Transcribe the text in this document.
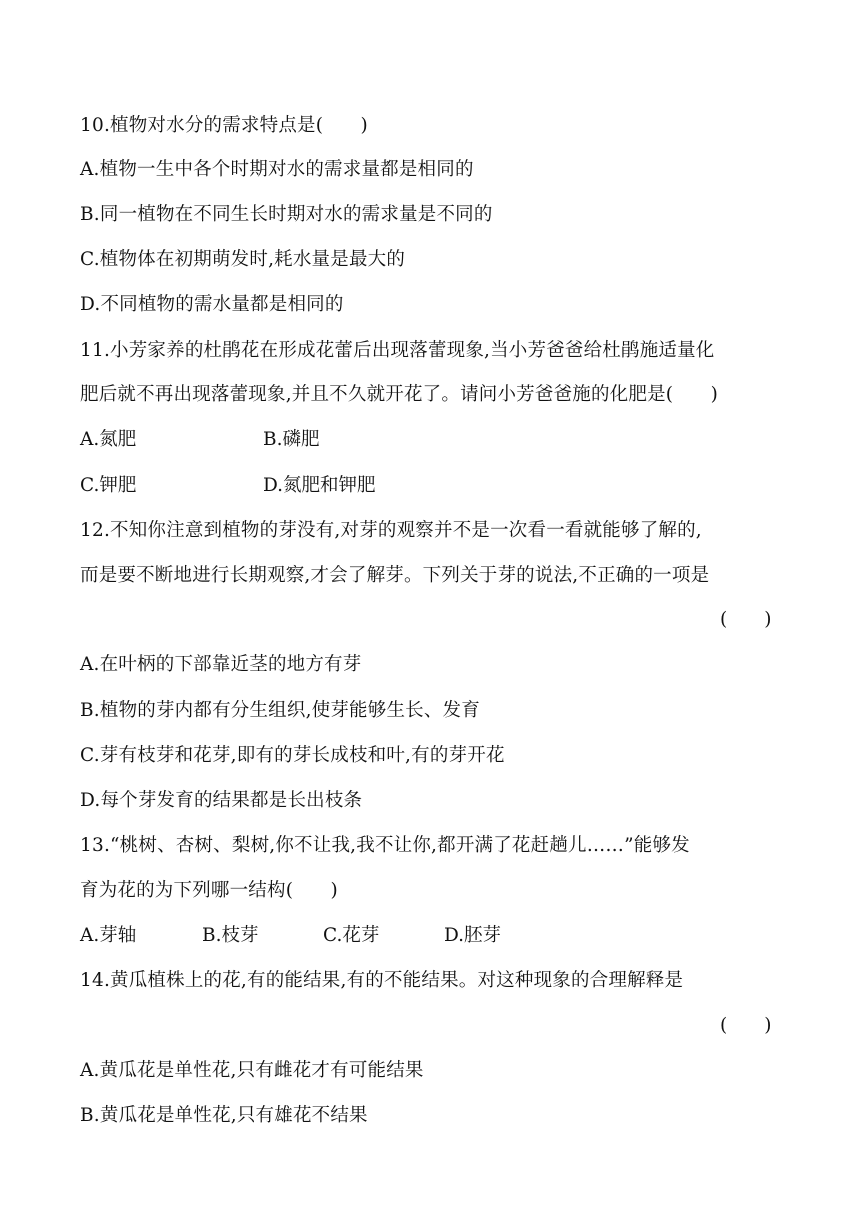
10.植物对水分的需求特点是(　　)
A.植物一生中各个时期对水的需求量都是相同的
B.同一植物在不同生长时期对水的需求量是不同的
C.植物体在初期萌发时,耗水量是最大的
D.不同植物的需水量都是相同的
11.小芳家养的杜鹃花在形成花蕾后出现落蕾现象,当小芳爸爸给杜鹃施适量化
肥后就不再出现落蕾现象,并且不久就开花了。请问小芳爸爸施的化肥是(　　)
A.氮肥	B.磷肥
C.钾肥	D.氮肥和钾肥
12.不知你注意到植物的芽没有,对芽的观察并不是一次看一看就能够了解的,
而是要不断地进行长期观察,才会了解芽。下列关于芽的说法,不正确的一项是
(　　)
A.在叶柄的下部靠近茎的地方有芽
B.植物的芽内都有分生组织,使芽能够生长、发育
C.芽有枝芽和花芽,即有的芽长成枝和叶,有的芽开花
D.每个芽发育的结果都是长出枝条
13.“桃树、杏树、梨树,你不让我,我不让你,都开满了花赶趟儿……”能够发
育为花的为下列哪一结构(　　)
A.芽轴	B.枝芽	C.花芽	D.胚芽
14.黄瓜植株上的花,有的能结果,有的不能结果。对这种现象的合理解释是
(　　)
A.黄瓜花是单性花,只有雌花才有可能结果
B.黄瓜花是单性花,只有雄花不结果
